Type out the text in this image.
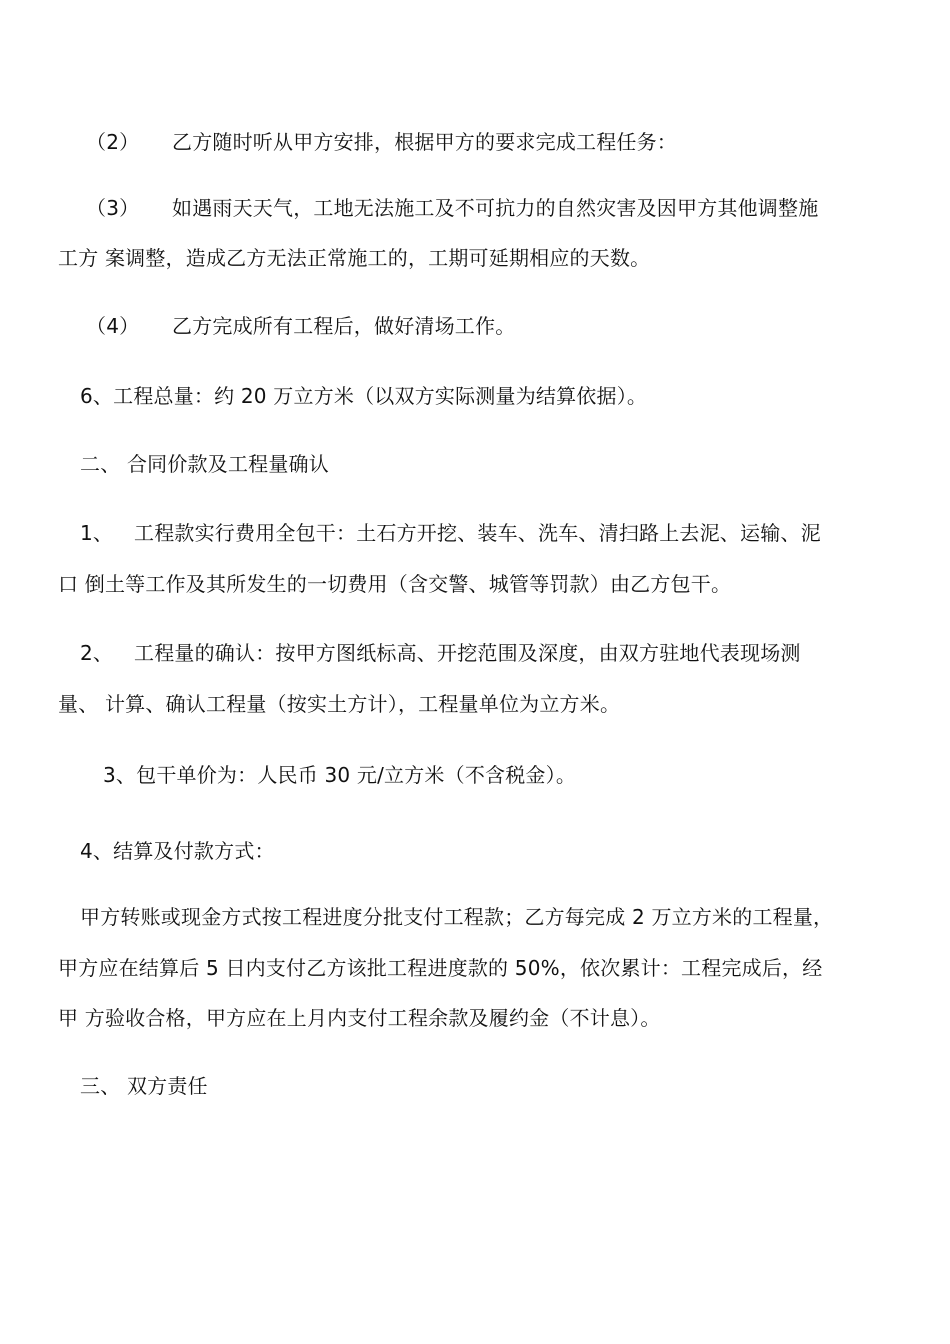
（2） 乙方随时听从甲方安排，根据甲方的要求完成工程任务：
（3） 如遇雨天天气，工地无法施工及不可抗力的自然灾害及因甲方其他调整施
工方 案调整，造成乙方无法正常施工的，工期可延期相应的天数。
（4） 乙方完成所有工程后，做好清场工作。
6、工程总量：约 20 万立方米（以双方实际测量为结算依据）。
二、 合同价款及工程量确认
1、 工程款实行费用全包干：土石方开挖、装车、洗车、清扫路上去泥、运输、泥
口 倒土等工作及其所发生的一切费用（含交警、城管等罚款）由乙方包干。
2、 工程量的确认：按甲方图纸标高、开挖范围及深度，由双方驻地代表现场测
量、 计算、确认工程量（按实土方计），工程量单位为立方米。
3、包干单价为：人民币 30 元/立方米（不含税金）。
4、结算及付款方式：
甲方转账或现金方式按工程进度分批支付工程款；乙方每完成 2 万立方米的工程量，
甲方应在结算后 5 日内支付乙方该批工程进度款的 50%，依次累计：工程完成后，经
甲 方验收合格，甲方应在上月内支付工程余款及履约金（不计息）。
三、 双方责任
